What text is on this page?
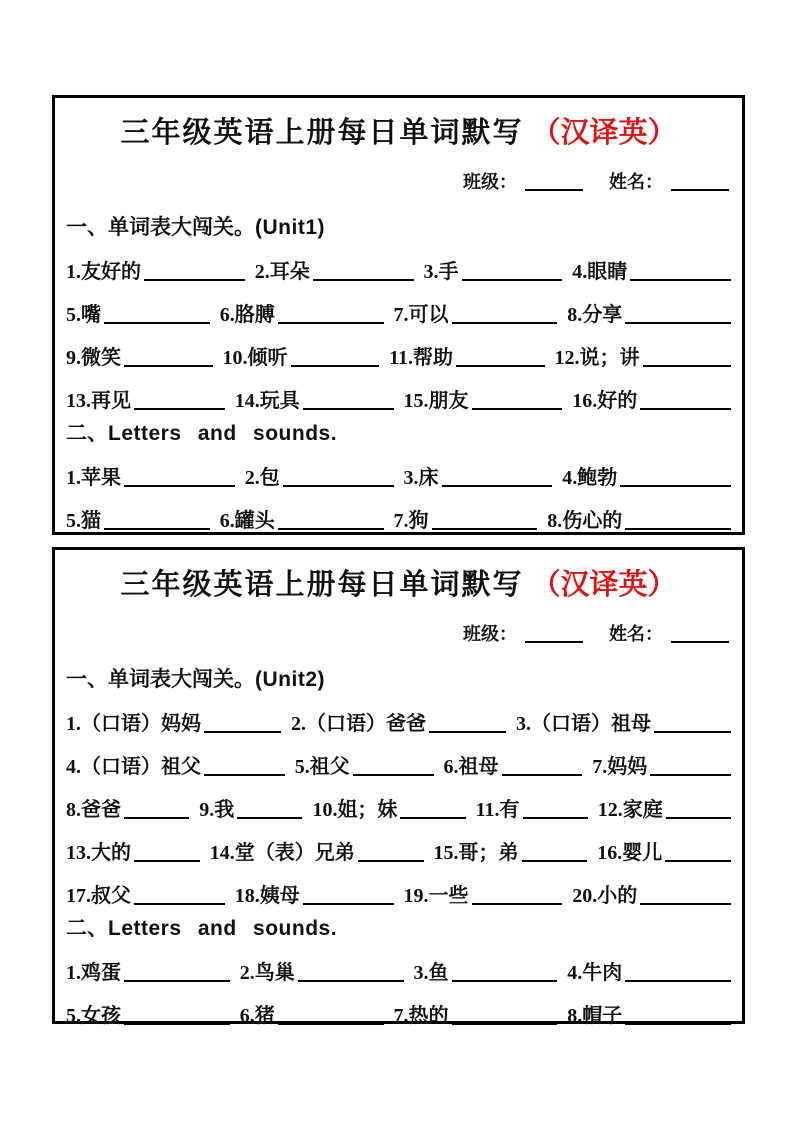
三年级英语上册每日单词默写 （汉译英）
班级：	姓名：
一、单词表大闯关。(Unit1)
1.友好的	2.耳朵	3.手	4.眼睛
5.嘴	6.胳膊	7.可以	8.分享
9.微笑	10.倾听	11.帮助	12.说；讲
13.再见	14.玩具	15.朋友	16.好的
二、Letters and sounds.
1.苹果	2.包	3.床	4.鲍勃
5.猫	6.罐头	7.狗	8.伤心的
三年级英语上册每日单词默写 （汉译英）
班级：	姓名：
一、单词表大闯关。(Unit2)
1.（口语）妈妈	2.（口语）爸爸	3.（口语）祖母
4.（口语）祖父	5.祖父	6.祖母	7.妈妈
8.爸爸	9.我	10.姐；妹	11.有	12.家庭
13.大的	14.堂（表）兄弟	15.哥；弟	16.婴儿
17.叔父	18.姨母	19.一些	20.小的
二、Letters and sounds.
1.鸡蛋	2.鸟巢	3.鱼	4.牛肉
5.女孩	6.猪	7.热的	8.帽子
